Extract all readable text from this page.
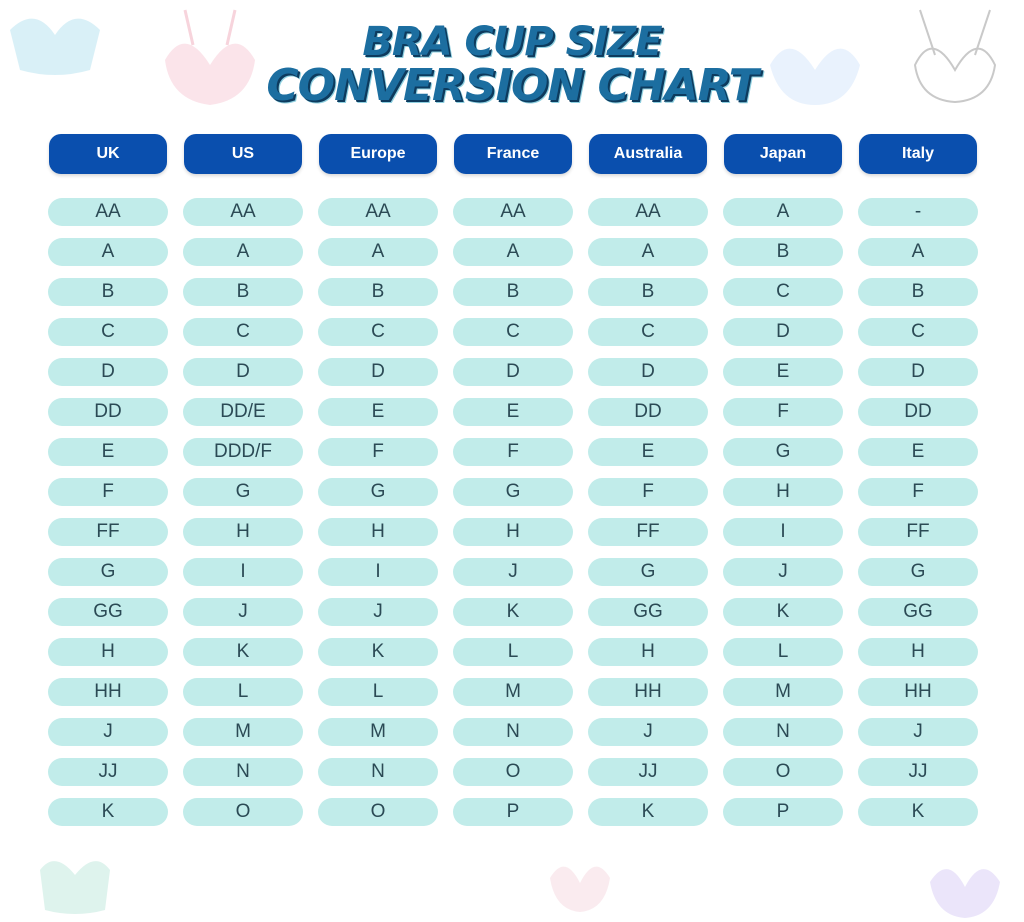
BRA CUP SIZE
CONVERSION CHART
UK
AA
A
B
C
D
DD
E
F
FF
G
GG
H
HH
J
JJ
K
US
AA
A
B
C
D
DD/E
DDD/F
G
H
I
J
K
L
M
N
O
Europe
AA
A
B
C
D
E
F
G
H
I
J
K
L
M
N
O
France
AA
A
B
C
D
E
F
G
H
J
K
L
M
N
O
P
Australia
AA
A
B
C
D
DD
E
F
FF
G
GG
H
HH
J
JJ
K
Japan
A
B
C
D
E
F
G
H
I
J
K
L
M
N
O
P
Italy
-
A
B
C
D
DD
E
F
FF
G
GG
H
HH
J
JJ
K
